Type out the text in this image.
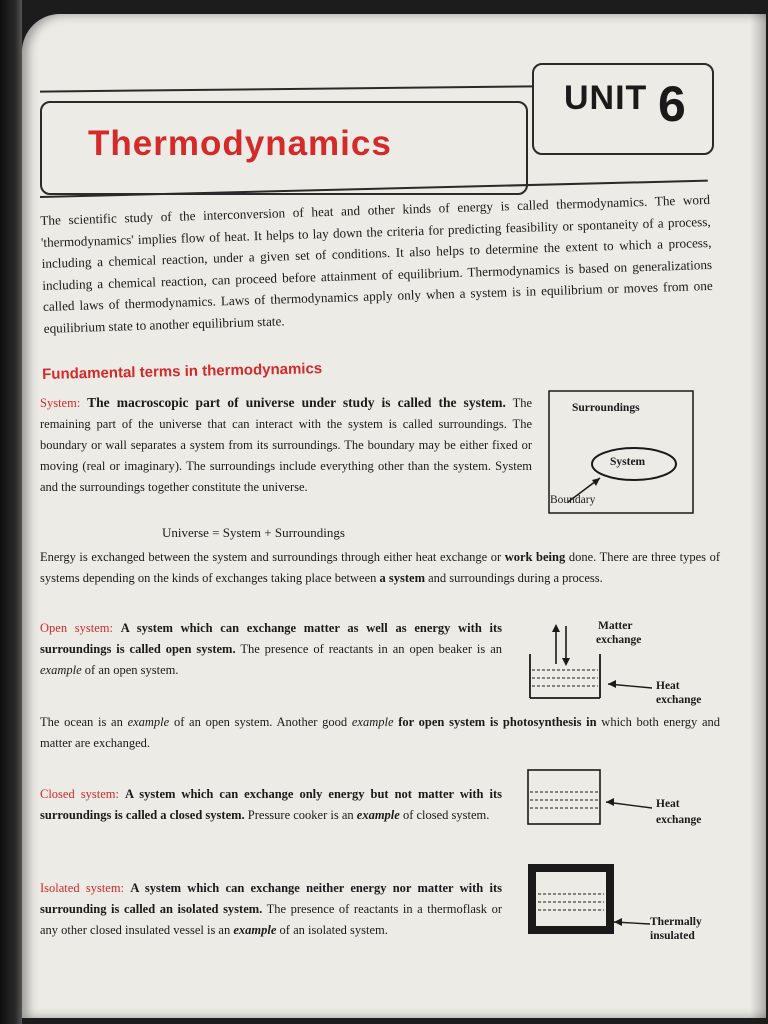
UNIT 6
Thermodynamics

The scientific study of the interconversion of heat and other kinds of energy is called thermodynamics. The word 'thermodynamics' implies flow of heat. It helps to lay down the criteria for predicting feasibility or spontaneity of a process, including a chemical reaction, under a given set of conditions. It also helps to determine the extent to which a process, including a chemical reaction, can proceed before attainment of equilibrium. Thermodynamics is based on generalizations called laws of thermodynamics. Laws of thermodynamics apply only when a system is in equilibrium or moves from one equilibrium state to another equilibrium state.

Fundamental terms in thermodynamics

System: The macroscopic part of universe under study is called the system. The remaining part of the universe that can interact with the system is called surroundings. The boundary or wall separates a system from its surroundings. The boundary may be either fixed or moving (real or imaginary). The surroundings include everything other than the system. System and the surroundings together constitute the universe.

Universe = System + Surroundings
Surroundings
System
Boundary

Energy is exchanged between the system and surroundings through either heat exchange or work being done. There are three types of systems depending on the kinds of exchanges taking place between a system and surroundings during a process.

Open system: A system which can exchange matter as well as energy with its surroundings is called open system. The presence of reactants in an open beaker is an example of an open system.

Matter
exchange
Heat
exchange

The ocean is an example of an open system. Another good example for open system is photosynthesis in which both energy and matter are exchanged.

Closed system: A system which can exchange only energy but not matter with its surroundings is called a closed system. Pressure cooker is an example of closed system.

Heat
exchange

Isolated system: A system which can exchange neither energy nor matter with its surrounding is called an isolated system. The presence of reactants in a thermoflask or any other closed insulated vessel is an example of an isolated system.

Thermally
insulated
